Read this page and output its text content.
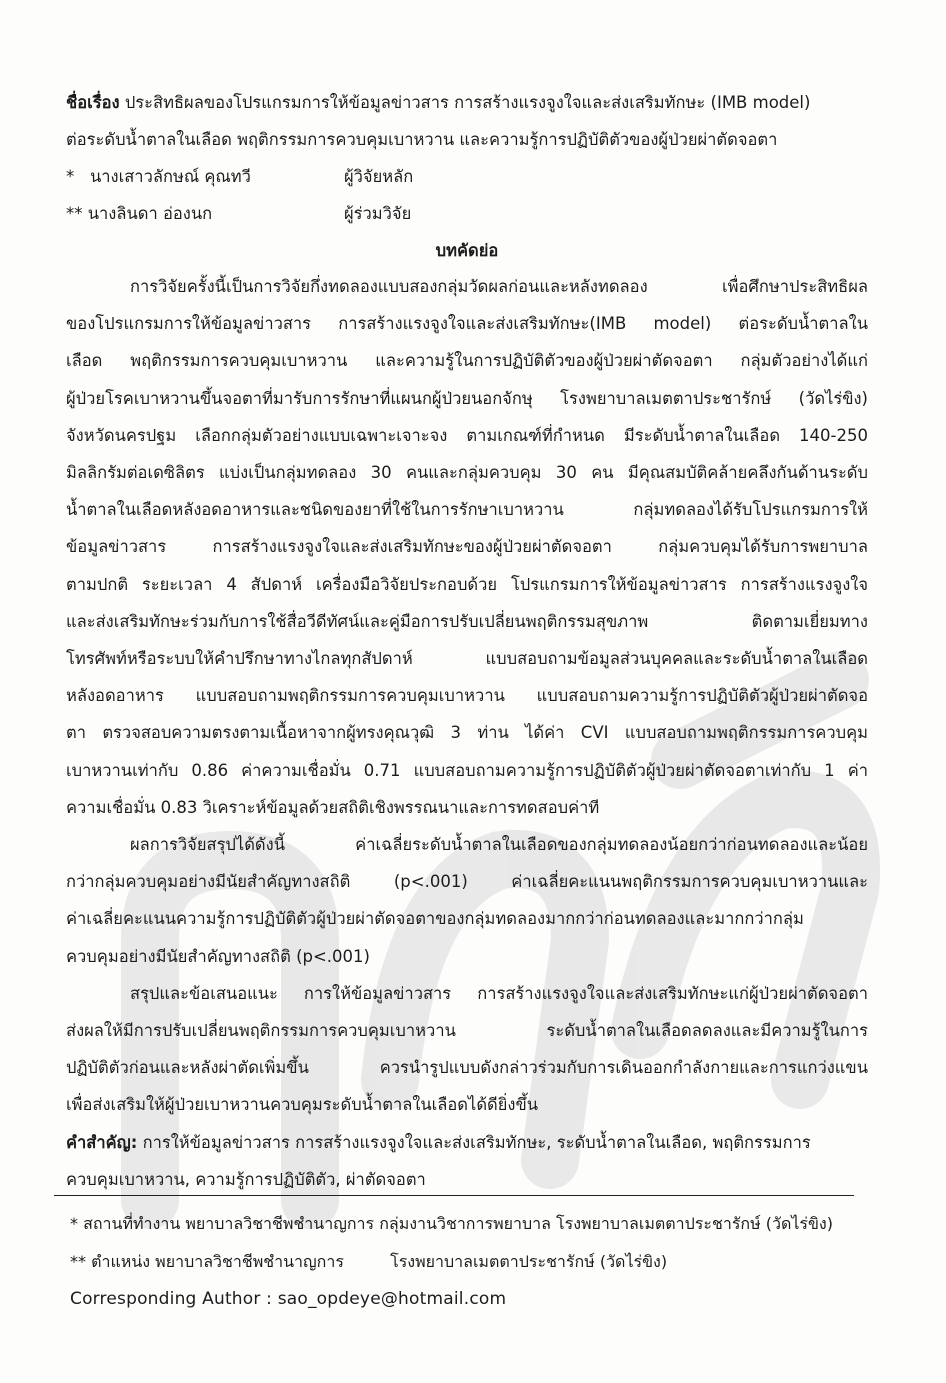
ชื่อเรื่อง ประสิทธิผลของโปรแกรมการให้ข้อมูลข่าวสาร การสร้างแรงจูงใจและส่งเสริมทักษะ (IMB model)
ต่อระดับน้ำตาลในเลือด พฤติกรรมการควบคุมเบาหวาน และความรู้การปฏิบัติตัวของผู้ป่วยผ่าตัดจอตา
* นางเสาวลักษณ์ คุณทวี	ผู้วิจัยหลัก
** นางลินดา อ่องนก	ผู้ร่วมวิจัย
บทคัดย่อ
การวิจัยครั้งนี้เป็นการวิจัยกึ่งทดลองแบบสองกลุ่มวัดผลก่อนและหลังทดลอง เพื่อศึกษาประสิทธิผล
ของโปรแกรมการให้ข้อมูลข่าวสาร การสร้างแรงจูงใจและส่งเสริมทักษะ(IMB model) ต่อระดับน้ำตาลใน
เลือด พฤติกรรมการควบคุมเบาหวาน และความรู้ในการปฏิบัติตัวของผู้ป่วยผ่าตัดจอตา กลุ่มตัวอย่างได้แก่
ผู้ป่วยโรคเบาหวานขึ้นจอตาที่มารับการรักษาที่แผนกผู้ป่วยนอกจักษุ โรงพยาบาลเมตตาประชารักษ์ (วัดไร่ขิง)
จังหวัดนครปฐม เลือกกลุ่มตัวอย่างแบบเฉพาะเจาะจง ตามเกณฑ์ที่กำหนด มีระดับน้ำตาลในเลือด 140-250
มิลลิกรัมต่อเดซิลิตร แบ่งเป็นกลุ่มทดลอง 30 คนและกลุ่มควบคุม 30 คน มีคุณสมบัติคล้ายคลึงกันด้านระดับ
น้ำตาลในเลือดหลังอดอาหารและชนิดของยาที่ใช้ในการรักษาเบาหวาน กลุ่มทดลองได้รับโปรแกรมการให้
ข้อมูลข่าวสาร การสร้างแรงจูงใจและส่งเสริมทักษะของผู้ป่วยผ่าตัดจอตา กลุ่มควบคุมได้รับการพยาบาล
ตามปกติ ระยะเวลา 4 สัปดาห์ เครื่องมือวิจัยประกอบด้วย โปรแกรมการให้ข้อมูลข่าวสาร การสร้างแรงจูงใจ
และส่งเสริมทักษะร่วมกับการใช้สื่อวีดีทัศน์และคู่มือการปรับเปลี่ยนพฤติกรรมสุขภาพ ติดตามเยี่ยมทาง
โทรศัพท์หรือระบบให้คำปรึกษาทางไกลทุกสัปดาห์ แบบสอบถามข้อมูลส่วนบุคคลและระดับน้ำตาลในเลือด
หลังอดอาหาร แบบสอบถามพฤติกรรมการควบคุมเบาหวาน แบบสอบถามความรู้การปฏิบัติตัวผู้ป่วยผ่าตัดจอ
ตา ตรวจสอบความตรงตามเนื้อหาจากผู้ทรงคุณวุฒิ 3 ท่าน ได้ค่า CVI แบบสอบถามพฤติกรรมการควบคุม
เบาหวานเท่ากับ 0.86 ค่าความเชื่อมั่น 0.71 แบบสอบถามความรู้การปฏิบัติตัวผู้ป่วยผ่าตัดจอตาเท่ากับ 1 ค่า
ความเชื่อมั่น 0.83 วิเคราะห์ข้อมูลด้วยสถิติเชิงพรรณนาและการทดสอบค่าที
ผลการวิจัยสรุปได้ดังนี้ ค่าเฉลี่ยระดับน้ำตาลในเลือดของกลุ่มทดลองน้อยกว่าก่อนทดลองและน้อย
กว่ากลุ่มควบคุมอย่างมีนัยสำคัญทางสถิติ (p<.001) ค่าเฉลี่ยคะแนนพฤติกรรมการควบคุมเบาหวานและ
ค่าเฉลี่ยคะแนนความรู้การปฏิบัติตัวผู้ป่วยผ่าตัดจอตาของกลุ่มทดลองมากกว่าก่อนทดลองและมากกว่ากลุ่ม
ควบคุมอย่างมีนัยสำคัญทางสถิติ (p<.001)
สรุปและข้อเสนอแนะ การให้ข้อมูลข่าวสาร การสร้างแรงจูงใจและส่งเสริมทักษะแก่ผู้ป่วยผ่าตัดจอตา
ส่งผลให้มีการปรับเปลี่ยนพฤติกรรมการควบคุมเบาหวาน ระดับน้ำตาลในเลือดลดลงและมีความรู้ในการ
ปฏิบัติตัวก่อนและหลังผ่าตัดเพิ่มขึ้น ควรนำรูปแบบดังกล่าวร่วมกับการเดินออกกำลังกายและการแกว่งแขน
เพื่อส่งเสริมให้ผู้ป่วยเบาหวานควบคุมระดับน้ำตาลในเลือดได้ดียิ่งขึ้น
คำสำคัญ: การให้ข้อมูลข่าวสาร การสร้างแรงจูงใจและส่งเสริมทักษะ, ระดับน้ำตาลในเลือด, พฤติกรรมการ
ควบคุมเบาหวาน, ความรู้การปฏิบัติตัว, ผ่าตัดจอตา
* สถานที่ทำงาน พยาบาลวิชาชีพชำนาญการ กลุ่มงานวิชาการพยาบาล โรงพยาบาลเมตตาประชารักษ์ (วัดไร่ขิง)
** ตำแหน่ง พยาบาลวิชาชีพชำนาญการ	โรงพยาบาลเมตตาประชารักษ์ (วัดไร่ขิง)
Corresponding Author : sao_opdeye@hotmail.com
